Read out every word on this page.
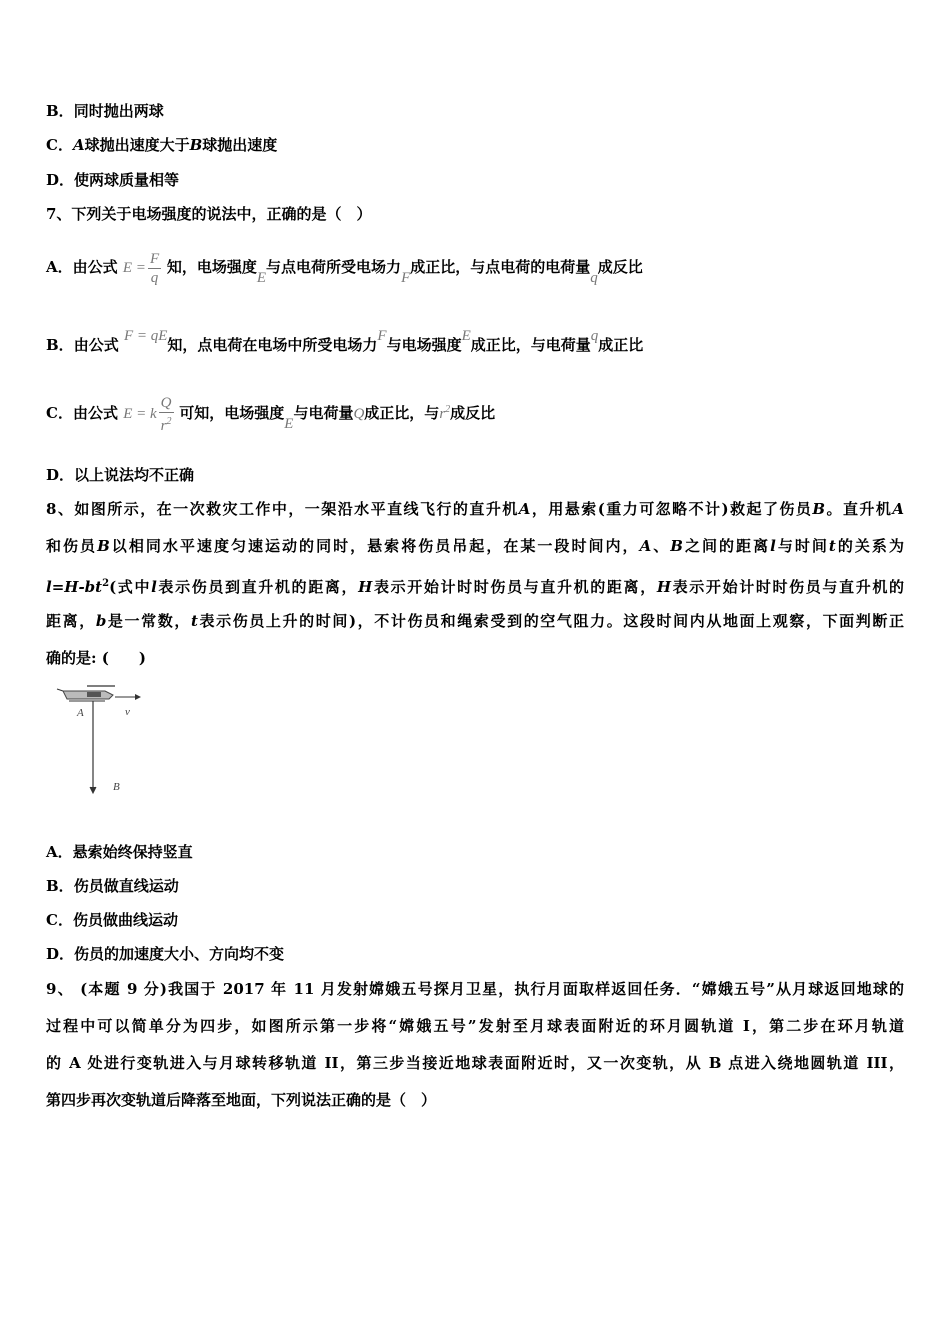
B．同时抛出两球
C．A球抛出速度大于B球抛出速度
D．使两球质量相等
7、下列关于电场强度的说法中，正确的是（　）
A．由公式 $E = \frac{F}{q}$ 知，电场强度E与点电荷所受电场力F成正比，与点电荷的电荷量q成反比
B．由公式 F = qE知，点电荷在电场中所受电场力F与电场强度E成正比，与电荷量q成正比
C．由公式 E = k $\frac{Q}{r^2}$ 可知，电场强度E与电荷量Q成正比，与$r^2$成反比
D．以上说法均不正确
8、如图所示，在一次救灾工作中，一架沿水平直线飞行的直升机A，用悬索(重力可忽略不计)救起了伤员B。直升机A
和伤员B以相同水平速度匀速运动的同时，悬索将伤员吊起，在某一段时间内，A、B之间的距离l与时间t的关系为
$l=H-bt^2$(式中l表示伤员到直升机的距离，H表示开始计时时伤员与直升机的距离，H表示开始计时时伤员与直升机的
距离，b是一常数，t表示伤员上升的时间)，不计伤员和绳索受到的空气阻力。这段时间内从地面上观察，下面判断正
确的是: (　　)
A	v
B
A．悬索始终保持竖直
B．伤员做直线运动
C．伤员做曲线运动
D．伤员的加速度大小、方向均不变
9、 (本题 9 分)我国于 2017 年 11 月发射嫦娥五号探月卫星，执行月面取样返回任务．“嫦娥五号”从月球返回地球的
过程中可以简单分为四步，如图所示第一步将“嫦娥五号”发射至月球表面附近的环月圆轨道 I，第二步在环月轨道
的 A 处进行变轨进入与月球转移轨道 II，第三步当接近地球表面附近时，又一次变轨，从 B 点进入绕地圆轨道 III，
第四步再次变轨道后降落至地面，下列说法正确的是（　）
